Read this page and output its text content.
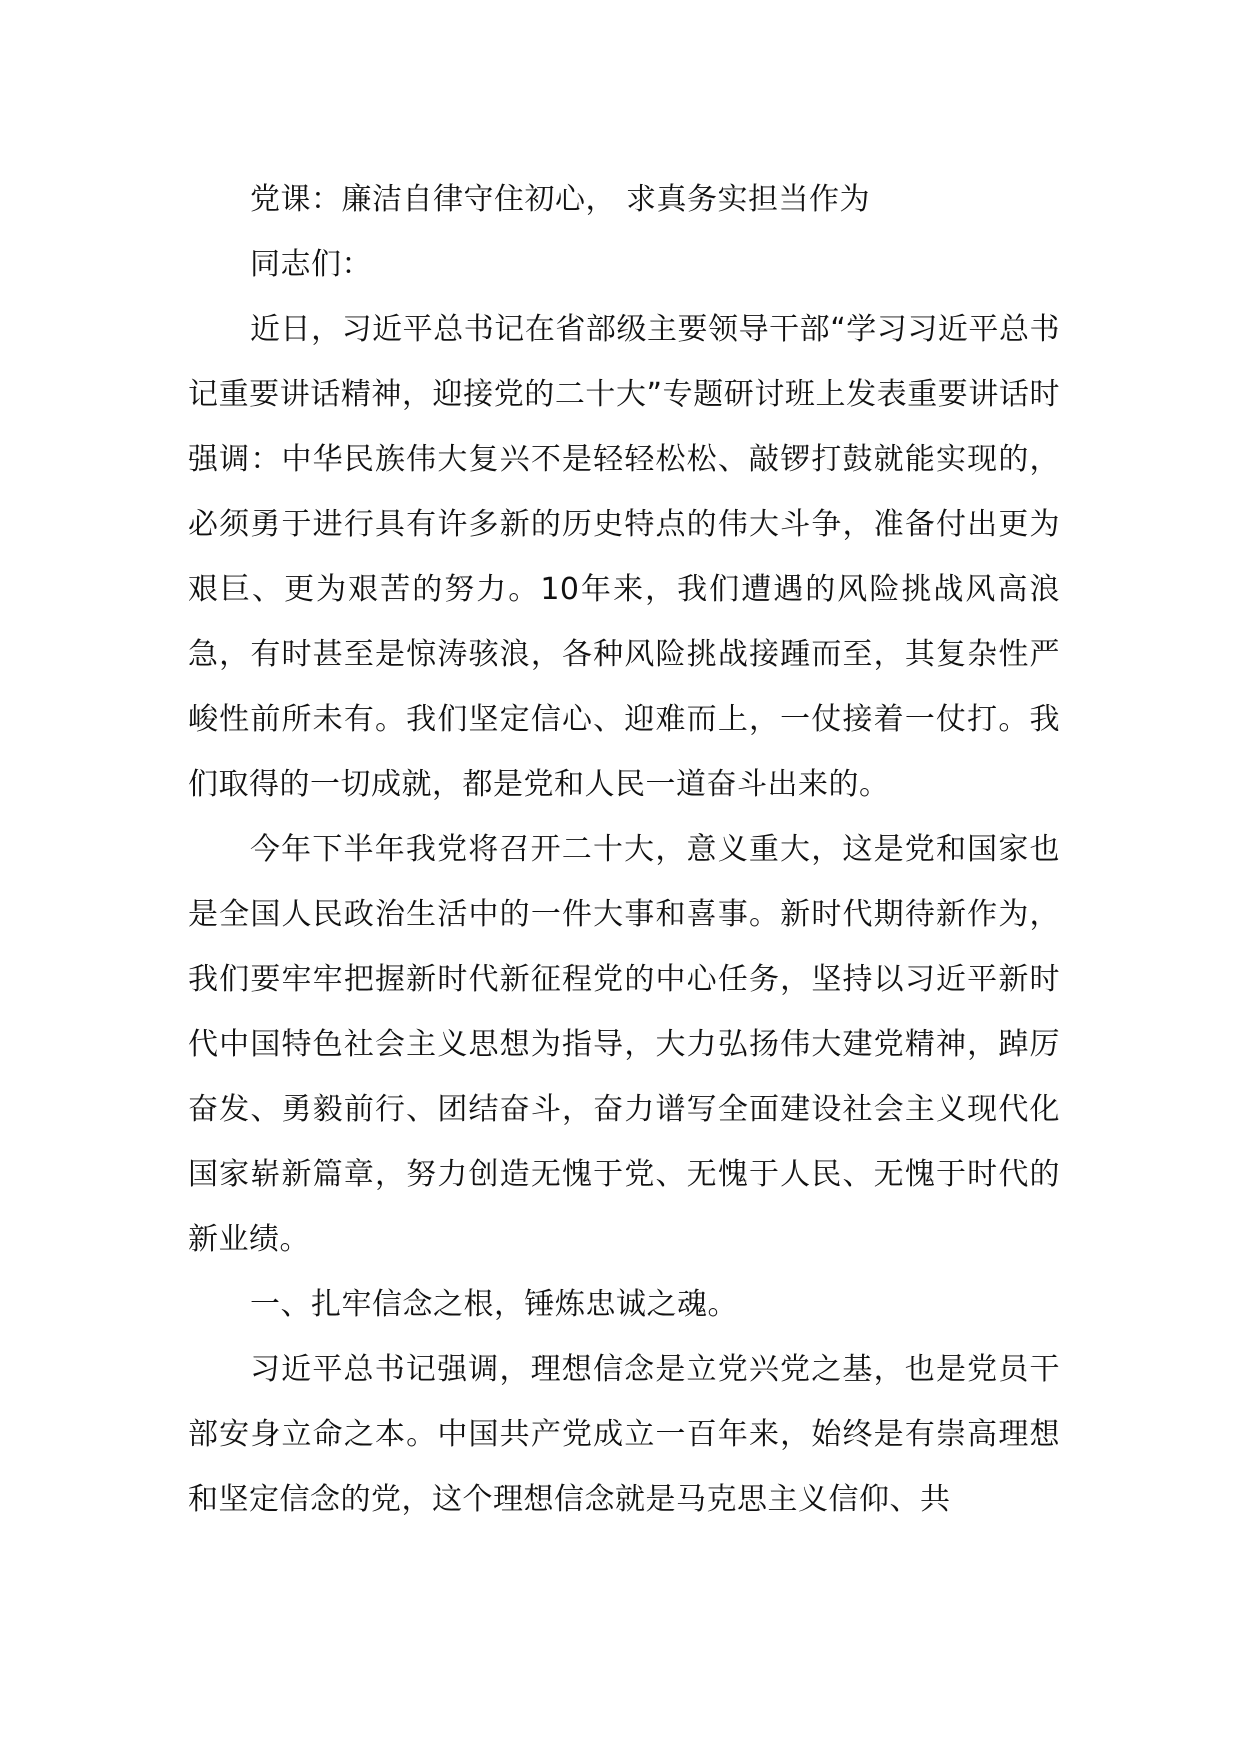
党课：廉洁自律守住初心， 求真务实担当作为

同志们：

近日，习近平总书记在省部级主要领导干部“学习习近平总书记重要讲话精神，迎接党的二十大”专题研讨班上发表重要讲话时强调：中华民族伟大复兴不是轻轻松松、敲锣打鼓就能实现的，必须勇于进行具有许多新的历史特点的伟大斗争，准备付出更为艰巨、更为艰苦的努力。10年来，我们遭遇的风险挑战风高浪急，有时甚至是惊涛骇浪，各种风险挑战接踵而至，其复杂性严峻性前所未有。我们坚定信心、迎难而上，一仗接着一仗打。我们取得的一切成就，都是党和人民一道奋斗出来的。

今年下半年我党将召开二十大，意义重大，这是党和国家也是全国人民政治生活中的一件大事和喜事。新时代期待新作为，我们要牢牢把握新时代新征程党的中心任务，坚持以习近平新时代中国特色社会主义思想为指导，大力弘扬伟大建党精神，踔厉奋发、勇毅前行、团结奋斗，奋力谱写全面建设社会主义现代化国家崭新篇章，努力创造无愧于党、无愧于人民、无愧于时代的新业绩。

一、扎牢信念之根，锤炼忠诚之魂。

习近平总书记强调，理想信念是立党兴党之基，也是党员干部安身立命之本。中国共产党成立一百年来，始终是有崇高理想和坚定信念的党，这个理想信念就是马克思主义信仰、共
